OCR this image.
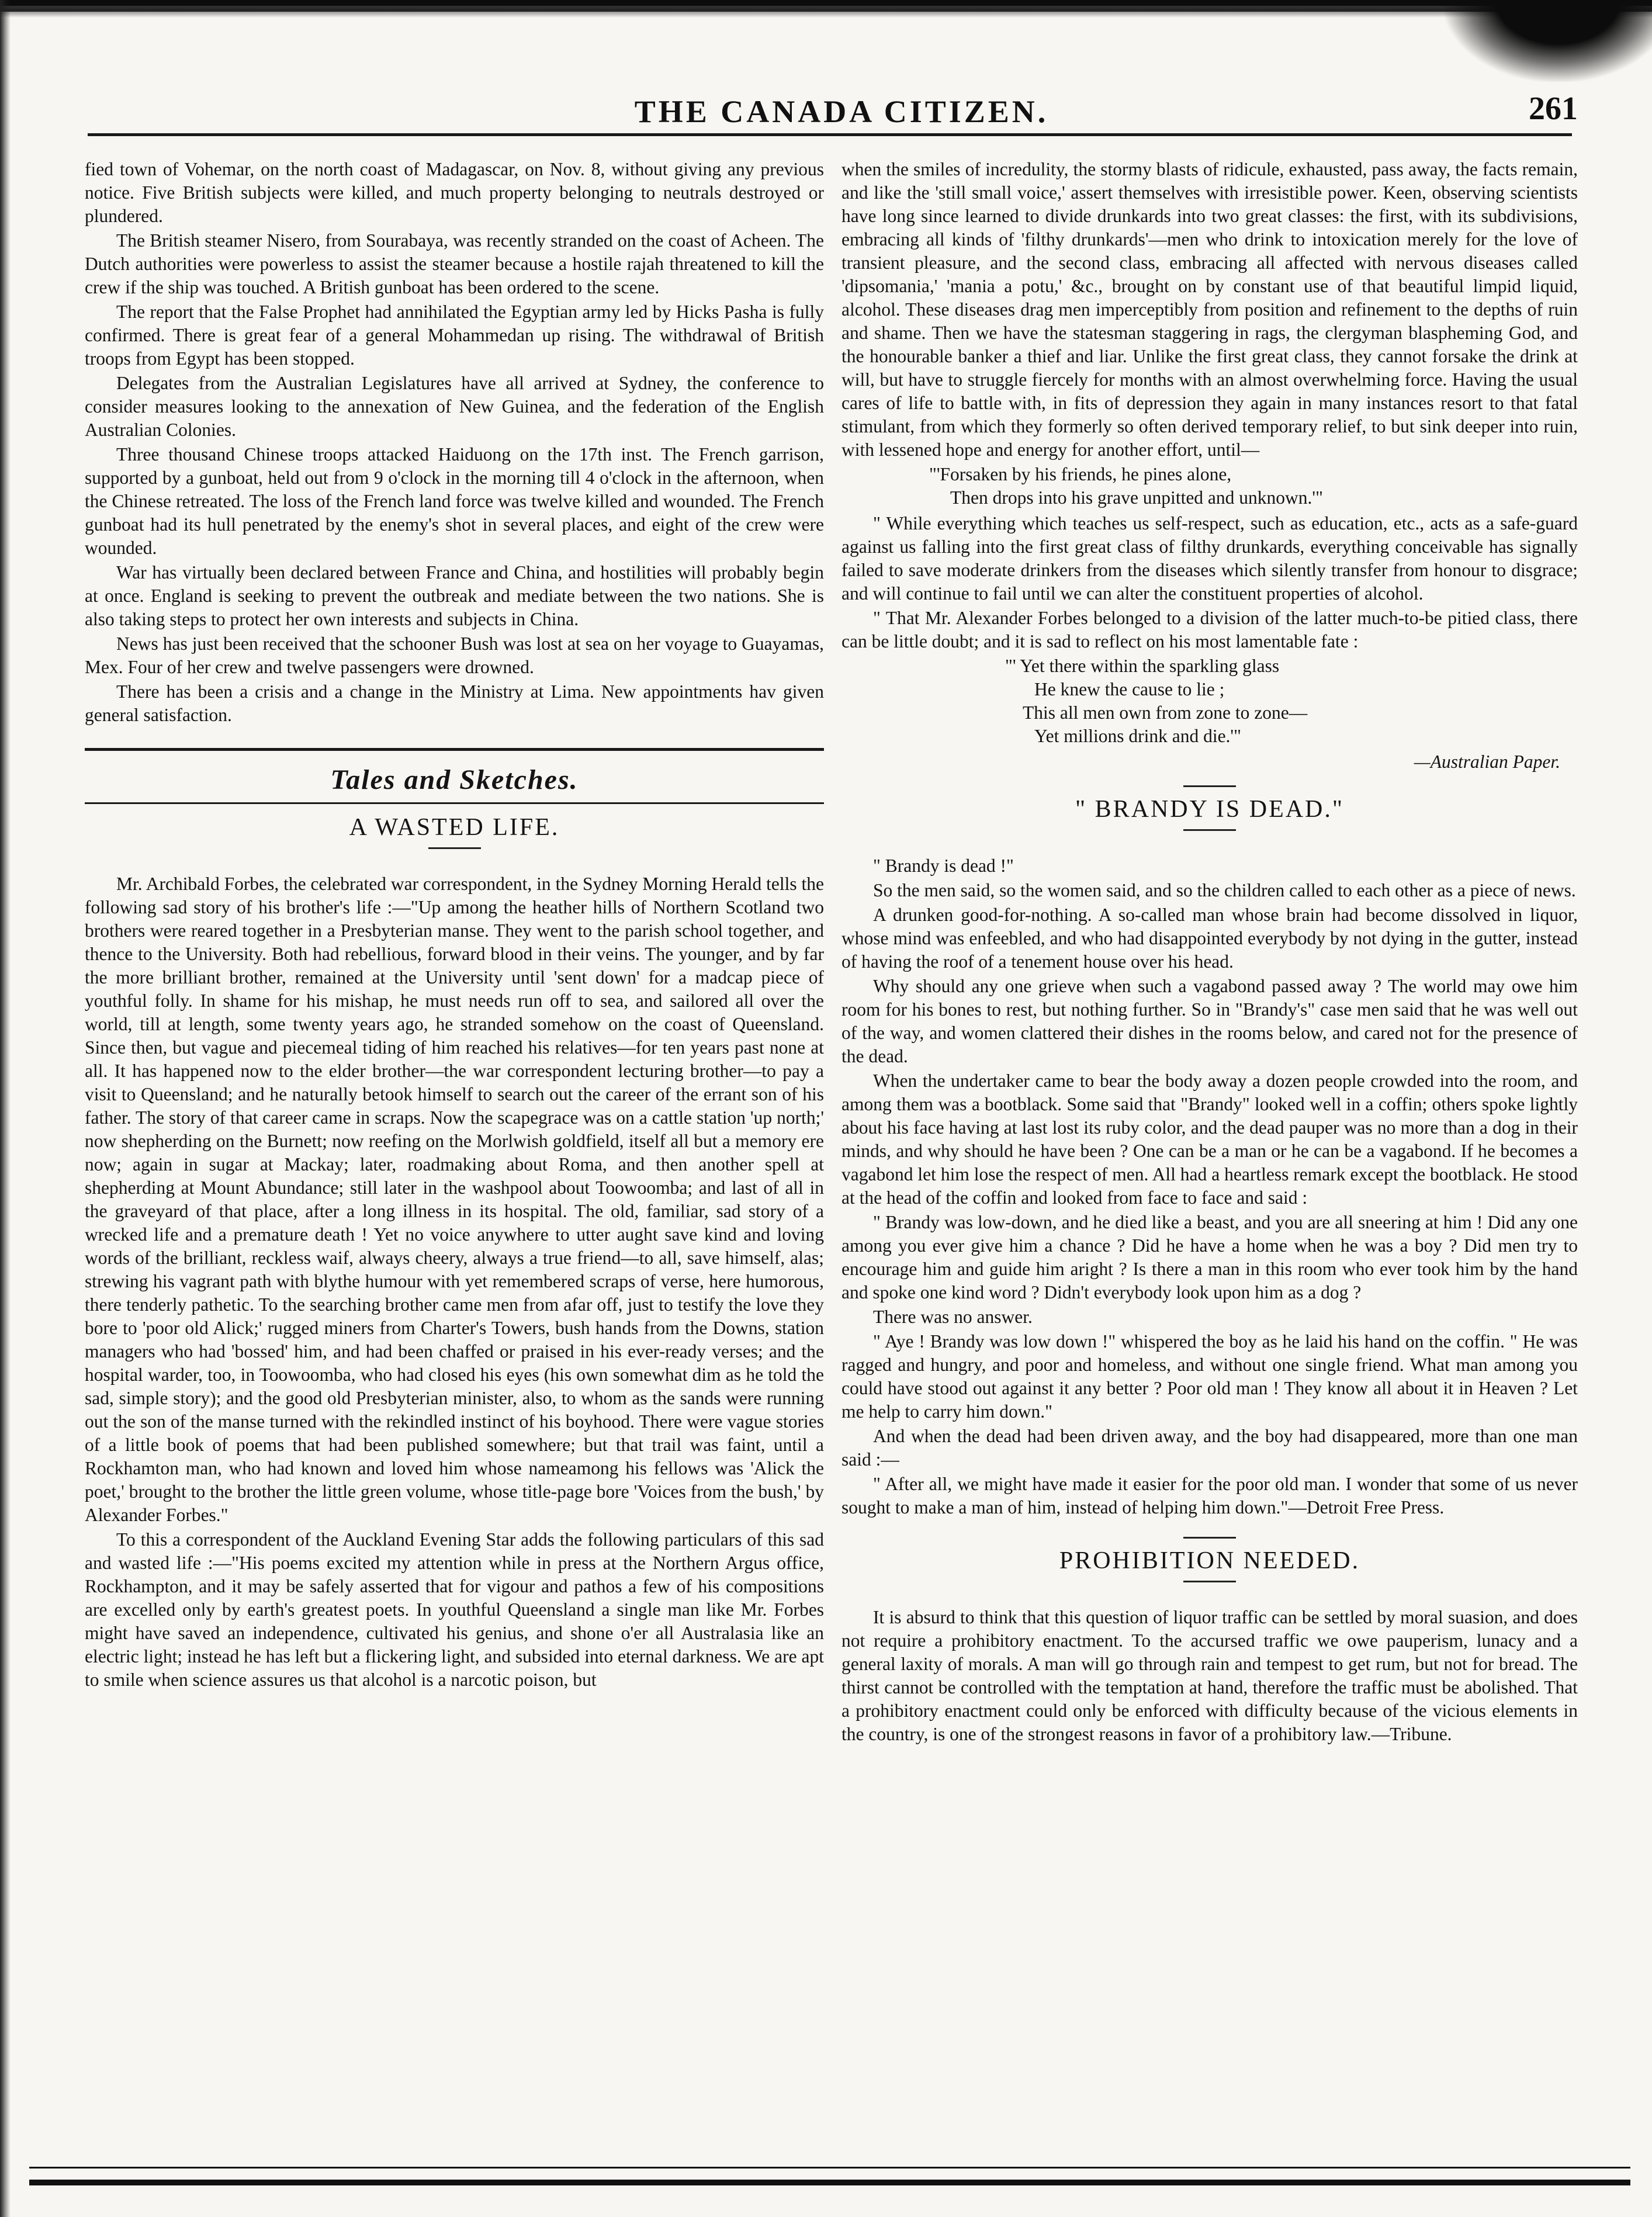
THE CANADA CITIZEN.	261

fied town of Vohemar, on the north coast of Madagascar, on Nov. 8, without giving any previous notice. Five British subjects were killed, and much property belonging to neutrals destroyed or plundered.

The British steamer Nisero, from Sourabaya, was recently stranded on the coast of Acheen. The Dutch authorities were powerless to assist the steamer because a hostile rajah threatened to kill the crew if the ship was touched. A British gunboat has been ordered to the scene.

The report that the False Prophet had annihilated the Egyptian army led by Hicks Pasha is fully confirmed. There is great fear of a general Mohammedan up rising. The withdrawal of British troops from Egypt has been stopped.

Delegates from the Australian Legislatures have all arrived at Sydney, the conference to consider measures looking to the annexation of New Guinea, and the federation of the English Australian Colonies.

Three thousand Chinese troops attacked Haiduong on the 17th inst. The French garrison, supported by a gunboat, held out from 9 o'clock in the morning till 4 o'clock in the afternoon, when the Chinese retreated. The loss of the French land force was twelve killed and wounded. The French gunboat had its hull penetrated by the enemy's shot in several places, and eight of the crew were wounded.

War has virtually been declared between France and China, and hostilities will probably begin at once. England is seeking to prevent the outbreak and mediate between the two nations. She is also taking steps to protect her own interests and subjects in China.

News has just been received that the schooner Bush was lost at sea on her voyage to Guayamas, Mex. Four of her crew and twelve passengers were drowned.

There has been a crisis and a change in the Ministry at Lima. New appointments hav given general satisfaction.

Tales and Sketches.
A WASTED LIFE.

Mr. Archibald Forbes, the celebrated war correspondent, in the Sydney Morning Herald tells the following sad story of his brother's life :—"Up among the heather hills of Northern Scotland two brothers were reared together in a Presbyterian manse. They went to the parish school together, and thence to the University. Both had rebellious, forward blood in their veins. The younger, and by far the more brilliant brother, remained at the University until 'sent down' for a madcap piece of youthful folly. In shame for his mishap, he must needs run off to sea, and sailored all over the world, till at length, some twenty years ago, he stranded somehow on the coast of Queensland. Since then, but vague and piecemeal tiding of him reached his relatives—for ten years past none at all. It has happened now to the elder brother—the war correspondent lecturing brother—to pay a visit to Queensland; and he naturally betook himself to search out the career of the errant son of his father. The story of that career came in scraps. Now the scapegrace was on a cattle station 'up north;' now shepherding on the Burnett; now reefing on the Morlwish goldfield, itself all but a memory ere now; again in sugar at Mackay; later, roadmaking about Roma, and then another spell at shepherding at Mount Abundance; still later in the washpool about Toowoomba; and last of all in the graveyard of that place, after a long illness in its hospital. The old, familiar, sad story of a wrecked life and a premature death ! Yet no voice anywhere to utter aught save kind and loving words of the brilliant, reckless waif, always cheery, always a true friend—to all, save himself, alas; strewing his vagrant path with blythe humour with yet remembered scraps of verse, here humorous, there tenderly pathetic. To the searching brother came men from afar off, just to testify the love they bore to 'poor old Alick;' rugged miners from Charter's Towers, bush hands from the Downs, station managers who had 'bossed' him, and had been chaffed or praised in his ever-ready verses; and the hospital warder, too, in Toowoomba, who had closed his eyes (his own somewhat dim as he told the sad, simple story); and the good old Presbyterian minister, also, to whom as the sands were running out the son of the manse turned with the rekindled instinct of his boyhood. There were vague stories of a little book of poems that had been published somewhere; but that trail was faint, until a Rockhamton man, who had known and loved him whose nameamong his fellows was 'Alick the poet,' brought to the brother the little green volume, whose title-page bore 'Voices from the bush,' by Alexander Forbes."

To this a correspondent of the Auckland Evening Star adds the following particulars of this sad and wasted life :—"His poems excited my attention while in press at the Northern Argus office, Rockhampton, and it may be safely asserted that for vigour and pathos a few of his compositions are excelled only by earth's greatest poets. In youthful Queensland a single man like Mr. Forbes might have saved an independence, cultivated his genius, and shone o'er all Australasia like an electric light; instead he has left but a flickering light, and subsided into eternal darkness. We are apt to smile when science assures us that alcohol is a narcotic poison, but

when the smiles of incredulity, the stormy blasts of ridicule, exhausted, pass away, the facts remain, and like the 'still small voice,' assert themselves with irresistible power. Keen, observing scientists have long since learned to divide drunkards into two great classes: the first, with its subdivisions, embracing all kinds of 'filthy drunkards'—men who drink to intoxication merely for the love of transient pleasure, and the second class, embracing all affected with nervous diseases called 'dipsomania,' 'mania a potu,' &c., brought on by constant use of that beautiful limpid liquid, alcohol. These diseases drag men imperceptibly from position and refinement to the depths of ruin and shame. Then we have the statesman staggering in rags, the clergyman blaspheming God, and the honourable banker a thief and liar. Unlike the first great class, they cannot forsake the drink at will, but have to struggle fiercely for months with an almost overwhelming force. Having the usual cares of life to battle with, in fits of depression they again in many instances resort to that fatal stimulant, from which they formerly so often derived temporary relief, to but sink deeper into ruin, with lessened hope and energy for another effort, until—

"'Forsaken by his friends, he pines alone,
Then drops into his grave unpitted and unknown.'"

" While everything which teaches us self-respect, such as education, etc., acts as a safe-guard against us falling into the first great class of filthy drunkards, everything conceivable has signally failed to save moderate drinkers from the diseases which silently transfer from honour to disgrace; and will continue to fail until we can alter the constituent properties of alcohol.

" That Mr. Alexander Forbes belonged to a division of the latter much-to-be pitied class, there can be little doubt; and it is sad to reflect on his most lamentable fate :

"' Yet there within the sparkling glass
He knew the cause to lie ;
This all men own from zone to zone—
Yet millions drink and die.'"
—Australian Paper.
" BRANDY IS DEAD."

" Brandy is dead !"

So the men said, so the women said, and so the children called to each other as a piece of news.

A drunken good-for-nothing. A so-called man whose brain had become dissolved in liquor, whose mind was enfeebled, and who had disappointed everybody by not dying in the gutter, instead of having the roof of a tenement house over his head.

Why should any one grieve when such a vagabond passed away ? The world may owe him room for his bones to rest, but nothing further. So in "Brandy's" case men said that he was well out of the way, and women clattered their dishes in the rooms below, and cared not for the presence of the dead.

When the undertaker came to bear the body away a dozen people crowded into the room, and among them was a bootblack. Some said that "Brandy" looked well in a coffin; others spoke lightly about his face having at last lost its ruby color, and the dead pauper was no more than a dog in their minds, and why should he have been ? One can be a man or he can be a vagabond. If he becomes a vagabond let him lose the respect of men. All had a heartless remark except the bootblack. He stood at the head of the coffin and looked from face to face and said :

" Brandy was low-down, and he died like a beast, and you are all sneering at him ! Did any one among you ever give him a chance ? Did he have a home when he was a boy ? Did men try to encourage him and guide him aright ? Is there a man in this room who ever took him by the hand and spoke one kind word ? Didn't everybody look upon him as a dog ?

There was no answer.

" Aye ! Brandy was low down !" whispered the boy as he laid his hand on the coffin. " He was ragged and hungry, and poor and homeless, and without one single friend. What man among you could have stood out against it any better ? Poor old man ! They know all about it in Heaven ? Let me help to carry him down."

And when the dead had been driven away, and the boy had disappeared, more than one man said :—

" After all, we might have made it easier for the poor old man. I wonder that some of us never sought to make a man of him, instead of helping him down."—Detroit Free Press.

PROHIBITION NEEDED.

It is absurd to think that this question of liquor traffic can be settled by moral suasion, and does not require a prohibitory enactment. To the accursed traffic we owe pauperism, lunacy and a general laxity of morals. A man will go through rain and tempest to get rum, but not for bread. The thirst cannot be controlled with the temptation at hand, therefore the traffic must be abolished. That a prohibitory enactment could only be enforced with difficulty because of the vicious elements in the country, is one of the strongest reasons in favor of a prohibitory law.—Tribune.
